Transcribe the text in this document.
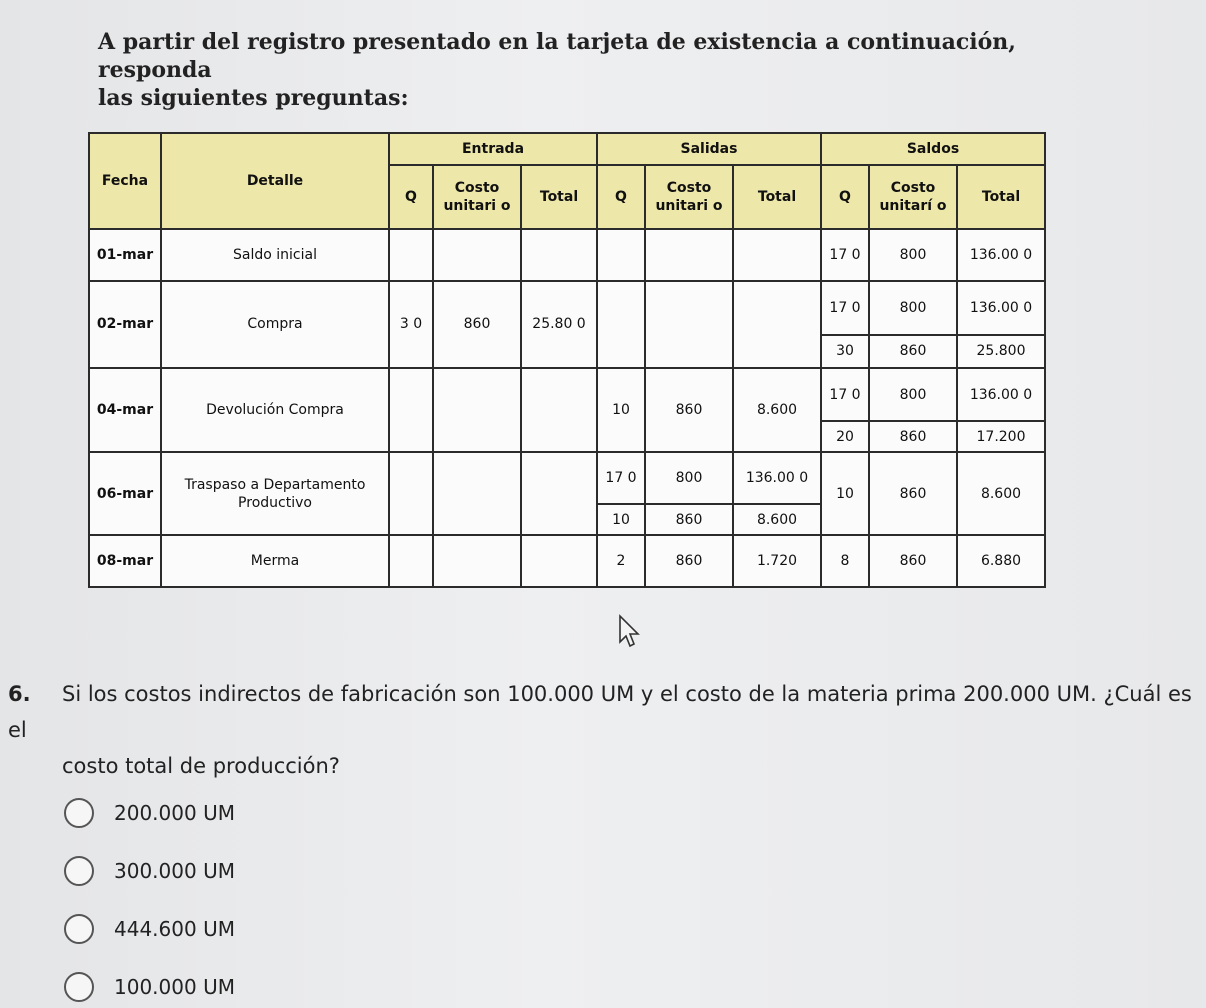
A partir del registro presentado en la tarjeta de existencia a continuación, responda
las siguientes preguntas:
Fecha	Detalle	Entrada			Salidas			Saldos		
		Q	Costo unitari o	Total	Q	Costo unitari o	Total	Q	Costo unitarí o	Total
01-mar	Saldo inicial							17 0	800	136.00 0
02-mar	Compra	3 0	860	25.80 0				17 0	800	136.00 0
								30	860	25.800
04-mar	Devolución Compra				10	860	8.600	17 0	800	136.00 0
								20	860	17.200
06-mar	Traspaso a Departamento Productivo				17 0	800	136.00 0	10	860	8.600
					10	860	8.600			
08-mar	Merma				2	860	1.720	8	860	6.880
6. Si los costos indirectos de fabricación son 100.000 UM y el costo de la materia prima 200.000 UM. ¿Cuál es el
costo total de producción?
200.000 UM
300.000 UM
444.600 UM
100.000 UM
